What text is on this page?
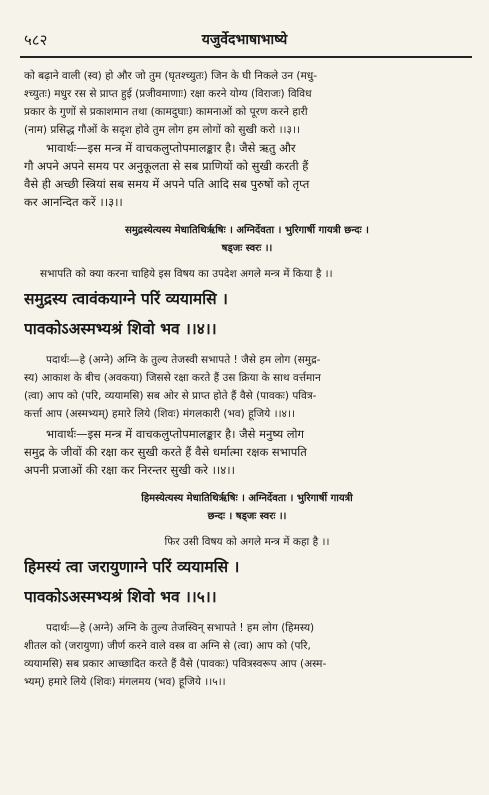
५८२	यजुर्वेदभाषाभाष्ये
को बढ़ाने वाली (स्व) हो और जो तुम (घृतश्च्युतः) जिन के घी निकले उन (मधु-
श्च्युतः) मधुर रस से प्राप्त हुई (प्रजीवमाणाः) रक्षा करने योग्य (विराजः) विविध
प्रकार के गुणों से प्रकाशमान तथा (कामदुघाः) कामनाओं को पूरण करने हारी
(नाम) प्रसिद्ध गौओं के सदृश होवे तुम लोग हम लोगों को सुखी करो ।।३।।
भावार्थः—इस मन्त्र में वाचकलुप्तोपमालङ्कार है। जैसे ऋतु और
गौ अपने अपने समय पर अनुकूलता से सब प्राणियों को सुखी करती हैं
वैसे ही अच्छी स्त्रियां सब समय में अपने पति आदि सब पुरुषों को तृप्त
कर आनन्दित करें ।।३।।
समुद्रस्येत्यस्य मेधातिथिर्ऋषिः । अग्निर्देवता । भुरिगार्षी गायत्री छन्दः ।
षड्जः स्वरः ।।
सभापति को क्या करना चाहिये इस विषय का उपदेश अगले मन्त्र में किया है ।।
समुद्रस्य त्वावंकयाग्ने परिं व्ययामसि ।
पावकोऽअस्मभ्यश्रं शिवो भव ।।४।।
पदार्थः—हे (अग्ने) अग्नि के तुल्य तेजस्वी सभापते ! जैसे हम लोग (समुद्र-
स्य) आकाश के बीच (अवकया) जिससे रक्षा करते हैं उस क्रिया के साथ वर्त्तमान
(त्वा) आप को (परि, व्ययामसि) सब ओर से प्राप्त होते हैं वैसे (पावकः) पवित्र-
कर्त्ता आप (अस्मभ्यम्) हमारे लिये (शिवः) मंगलकारी (भव) हूजिये ।।४।।
भावार्थः—इस मन्त्र में वाचकलुप्तोपमालङ्कार है। जैसे मनुष्य लोग
समुद्र के जीवों की रक्षा कर सुखी करते हैं वैसे धर्मात्मा रक्षक सभापति
अपनी प्रजाओं की रक्षा कर निरन्तर सुखी करे ।।४।।
हिमस्येत्यस्य मेधातिथिर्ऋषिः । अग्निर्देवता । भुरिगार्षी गायत्री
छन्दः । षड्जः स्वरः ।।
फिर उसी विषय को अगले मन्त्र में कहा है ।।
हिमस्यं त्वा जरायुणाग्ने परिं व्ययामसि ।
पावकोऽअस्मभ्यश्रं शिवो भव ।।५।।
पदार्थः—हे (अग्ने) अग्नि के तुल्य तेजस्विन् सभापते ! हम लोग (हिमस्य)
शीतल को (जरायुणा) जीर्ण करने वाले वस्त्र वा अग्नि से (त्वा) आप को (परि,
व्ययामसि) सब प्रकार आच्छादित करते हैं वैसे (पावकः) पवित्रस्वरूप आप (अस्म-
भ्यम्) हमारे लिये (शिवः) मंगलमय (भव) हूजिये ।।५।।
